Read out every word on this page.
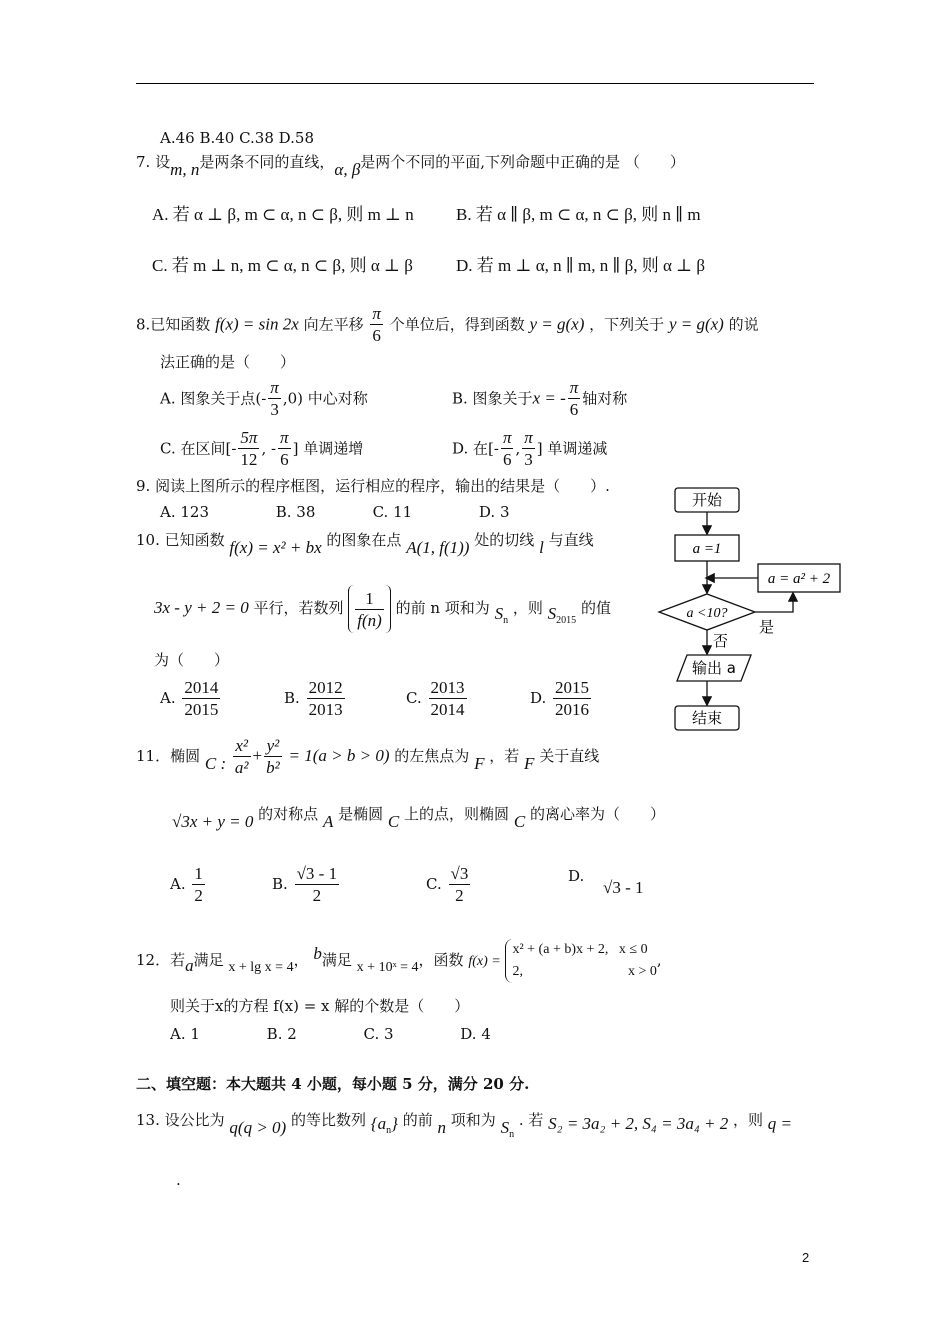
A.46 B.40 C.38 D.58
7. 设m, n是两条不同的直线，α, β是两个不同的平面,下列命题中正确的是 （　　）
A. 若 α ⊥ β, m ⊂ α, n ⊂ β, 则 m ⊥ n B. 若 α ∥ β, m ⊂ α, n ⊂ β, 则 n ∥ m
C. 若 m ⊥ n, m ⊂ α, n ⊂ β, 则 α ⊥ β	D. 若 m ⊥ α, n ∥ m, n ∥ β, 则 α ⊥ β
8.已知函数 f(x) = sin 2x 向左平移 $\frac{\pi}{6}$ 个单位后，得到函数 y = g(x) ，下列关于 y = g(x) 的说
法正确的是（　　）
A. 图象关于点(- $\frac{\pi}{3} ,0$) 中心对称	B. 图象关于x = - $\frac{\pi}{6}$ 轴对称
C. 在区间[- $\frac{5\pi}{12}$ , - $\frac{\pi}{6}$ ] 单调递增	D. 在[- $\frac{\pi}{6}$ , $\frac{\pi}{3}$ ] 单调递减
9. 阅读上图所示的程序框图，运行相应的程序，输出的结果是（　　）.
A. 123              B. 38            C. 11              D. 3
开始
a =1
a = a² + 2
a <10?
是
否
输出 a
结束
10. 已知函数 f(x) = x² + bx 的图象在点 A(1, f(1)) 处的切线 l 与直线
3x - y + 2 = 0 平行，若数列 $\frac{1}{f(n)}$ 的前 n 项和为 $S_n$ ，则 $S_{2015}$ 的值
为（　　）
A. $\frac{2014}{2015}$	B. $\frac{2012}{2013}$	C. $\frac{2013}{2014}$	D. $\frac{2015}{2016}$
11．椭圆 C : $\frac{\text{x²}}{\text{a²}} + \frac{\text{y²}}{\text{b²}} = 1(a > b > 0)$ 的左焦点为 F ，若 F 关于直线
√3x + y = 0 的对称点 A 是椭圆 C 上的点，则椭圆 C 的离心率为（　　）
A. $\frac{1}{2}$	B. $\frac{√3 - 1}{2}$	C. $\frac{√3}{2}$	D. √3 - 1
12．若a满足 x + lg x = 4， b满足 x + 10ˣ = 4，函数 f(x) =
x² + (a + b)x + 2,   x ≤ 0
2,                              x > 0
,
则关于x的方程 f(x) = x 解的个数是（　　）
A. 1              B. 2              C. 3              D. 4
二、填空题：本大题共 4 小题，每小题 5 分，满分 20 分.
13. 设公比为 q(q > 0) 的等比数列 $\{a_n\}$ 的前 n 项和为 $S_n$ . 若 S₂ = 3a₂ + 2, S₄ = 3a₄ + 2 ，则 q =
.
2
